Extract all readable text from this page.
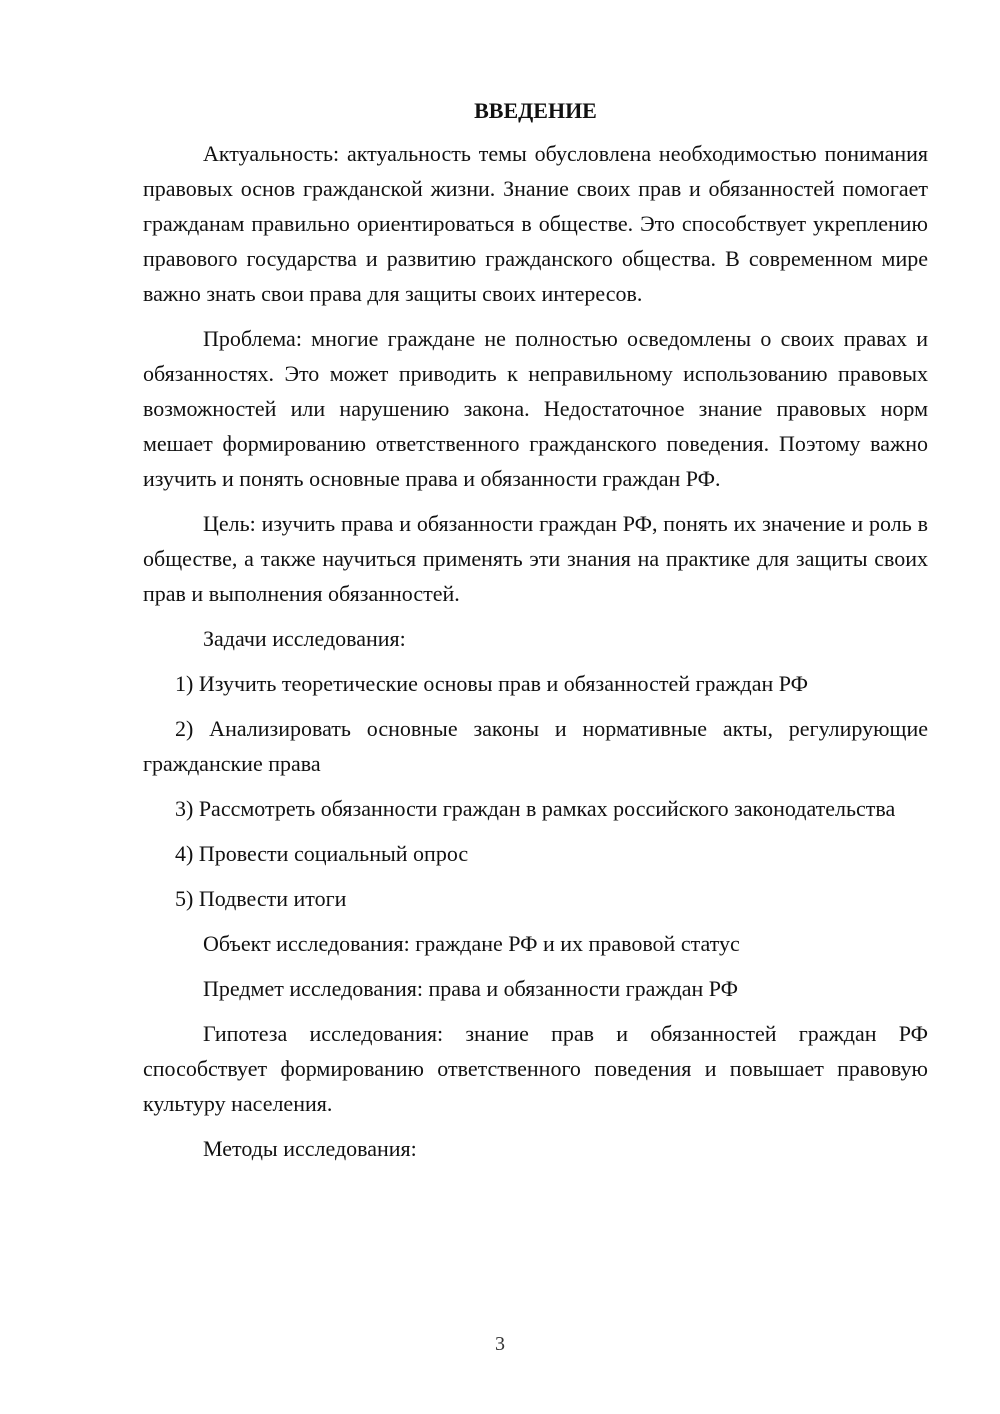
ВВЕДЕНИЕ

Актуальность: актуальность темы обусловлена необходимостью понимания правовых основ гражданской жизни. Знание своих прав и обязанностей помогает гражданам правильно ориентироваться в обществе. Это способствует укреплению правового государства и развитию гражданского общества. В современном мире важно знать свои права для защиты своих интересов.

Проблема: многие граждане не полностью осведомлены о своих правах и обязанностях. Это может приводить к неправильному использованию правовых возможностей или нарушению закона. Недостаточное знание правовых норм мешает формированию ответственного гражданского поведения. Поэтому важно изучить и понять основные права и обязанности граждан РФ.

Цель: изучить права и обязанности граждан РФ, понять их значение и роль в обществе, а также научиться применять эти знания на практике для защиты своих прав и выполнения обязанностей.

Задачи исследования:

1) Изучить теоретические основы прав и обязанностей граждан РФ

2) Анализировать основные законы и нормативные акты, регулирующие гражданские права

3) Рассмотреть обязанности граждан в рамках российского законодательства

4) Провести социальный опрос

5) Подвести итоги

Объект исследования: граждане РФ и их правовой статус

Предмет исследования: права и обязанности граждан РФ

Гипотеза исследования: знание прав и обязанностей граждан РФ способствует формированию ответственного поведения и повышает правовую культуру населения.

Методы исследования:

3
